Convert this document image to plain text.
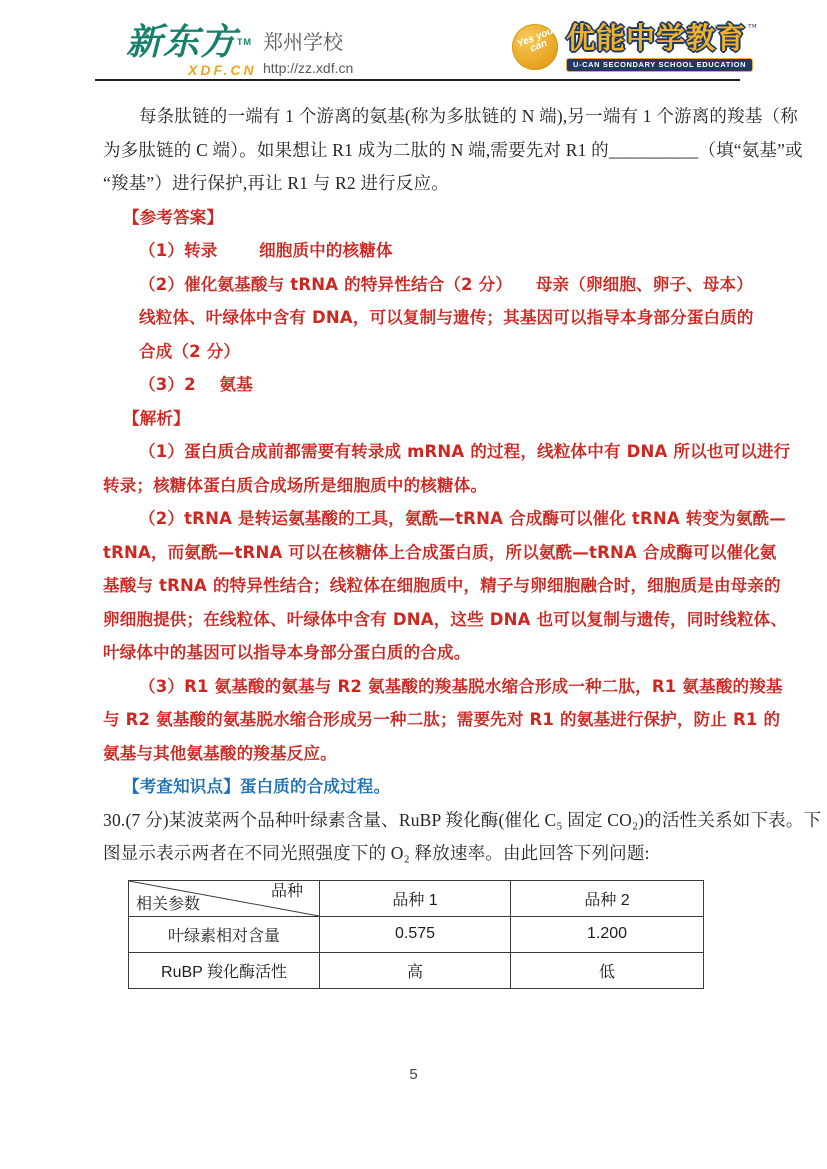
新东方™
XDF.CN
郑州学校
http://zz.xdf.cn
Yes you can 优能中学教育 ™
U-CAN SECONDARY SCHOOL EDUCATION
每条肽链的一端有 1 个游离的氨基(称为多肽链的 N 端),另一端有 1 个游离的羧基（称
为多肽链的 C 端）。如果想让 R1 成为二肽的 N 端,需要先对 R1 的__________（填“氨基”或
“羧基”）进行保护,再让 R1 与 R2 进行反应。
【参考答案】
（1）转录       细胞质中的核糖体
（2）催化氨基酸与 tRNA 的特异性结合（2 分）    母亲（卵细胞、卵子、母本）
线粒体、叶绿体中含有 DNA，可以复制与遗传；其基因可以指导本身部分蛋白质的
合成（2 分）
（3）2    氨基
【解析】
（1）蛋白质合成前都需要有转录成 mRNA 的过程，线粒体中有 DNA 所以也可以进行
转录；核糖体蛋白质合成场所是细胞质中的核糖体。
（2）tRNA 是转运氨基酸的工具，氨酰—tRNA 合成酶可以催化 tRNA 转变为氨酰—
tRNA，而氨酰—tRNA 可以在核糖体上合成蛋白质，所以氨酰—tRNA 合成酶可以催化氨
基酸与 tRNA 的特异性结合；线粒体在细胞质中，精子与卵细胞融合时，细胞质是由母亲的
卵细胞提供；在线粒体、叶绿体中含有 DNA，这些 DNA 也可以复制与遗传，同时线粒体、
叶绿体中的基因可以指导本身部分蛋白质的合成。
（3）R1 氨基酸的氨基与 R2 氨基酸的羧基脱水缩合形成一种二肽，R1 氨基酸的羧基
与 R2 氨基酸的氨基脱水缩合形成另一种二肽；需要先对 R1 的氨基进行保护，防止 R1 的
氨基与其他氨基酸的羧基反应。
【考查知识点】蛋白质的合成过程。
30.(7 分)某波菜两个品种叶绿素含量、RuBP 羧化酶(催化 C₅ 固定 CO₂)的活性关系如下表。下
图显示表示两者在不同光照强度下的 O₂ 释放速率。由此回答下列问题:
品种
相关参数	品种 1	品种 2
叶绿素相对含量	0.575	1.200
RuBP 羧化酶活性	高	低
5
